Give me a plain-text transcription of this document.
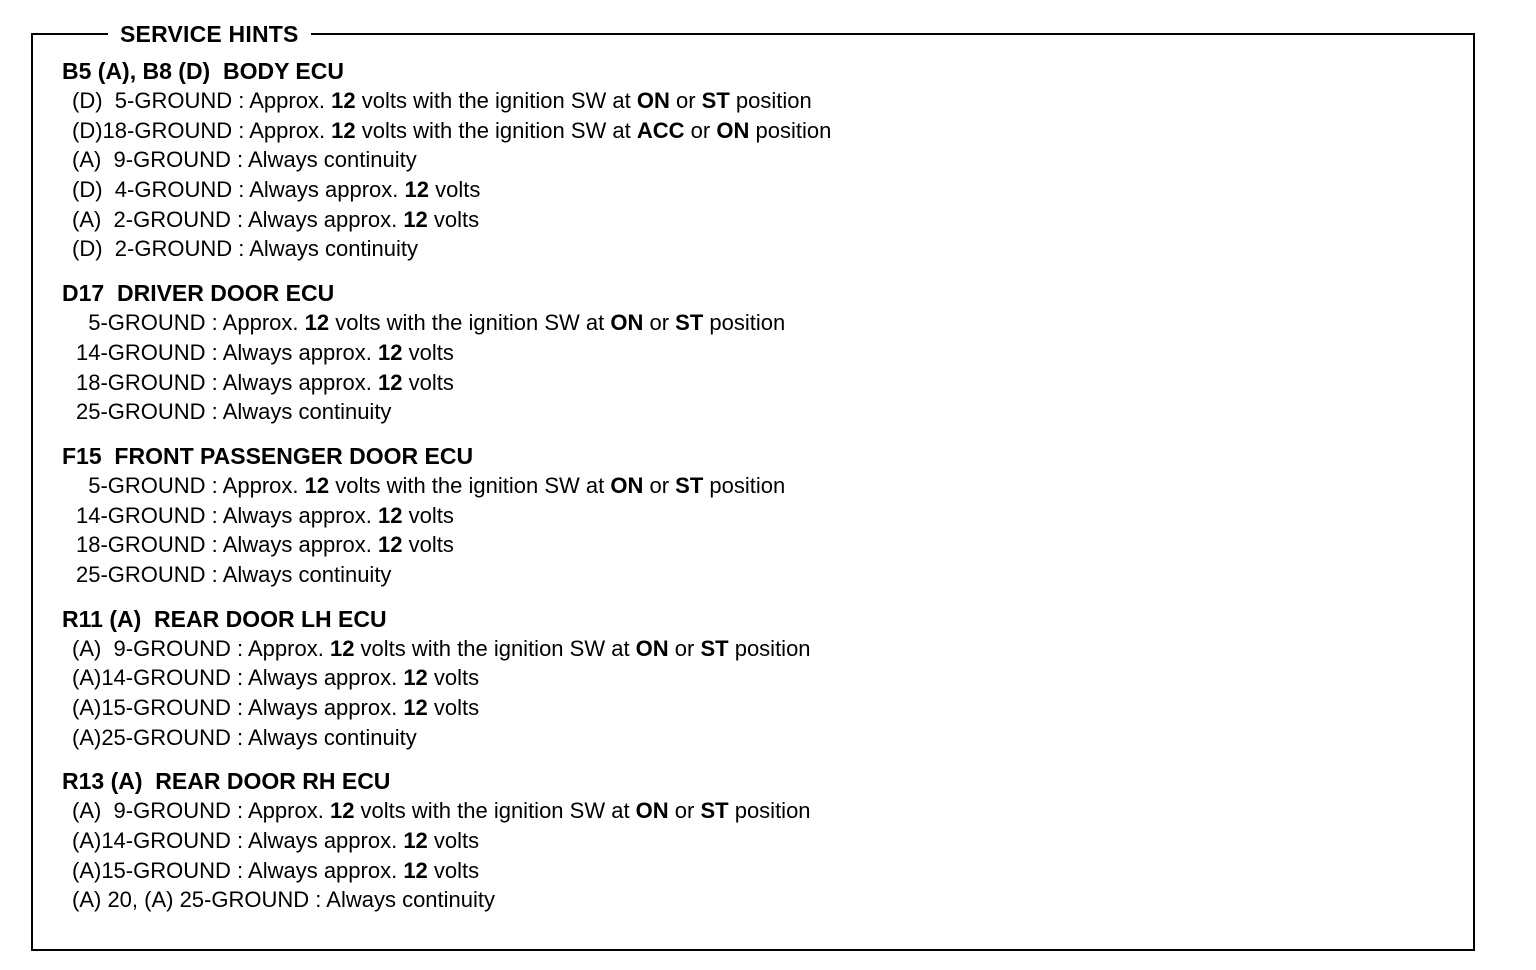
SERVICE HINTS
B5 (A), B8 (D)  BODY ECU
(D)  5-GROUND : Approx. 12 volts with the ignition SW at ON or ST position
(D)18-GROUND : Approx. 12 volts with the ignition SW at ACC or ON position
(A)  9-GROUND : Always continuity
(D)  4-GROUND : Always approx. 12 volts
(A)  2-GROUND : Always approx. 12 volts
(D)  2-GROUND : Always continuity
D17  DRIVER DOOR ECU
5-GROUND : Approx. 12 volts with the ignition SW at ON or ST position
14-GROUND : Always approx. 12 volts
18-GROUND : Always approx. 12 volts
25-GROUND : Always continuity
F15  FRONT PASSENGER DOOR ECU
5-GROUND : Approx. 12 volts with the ignition SW at ON or ST position
14-GROUND : Always approx. 12 volts
18-GROUND : Always approx. 12 volts
25-GROUND : Always continuity
R11 (A)  REAR DOOR LH ECU
(A)  9-GROUND : Approx. 12 volts with the ignition SW at ON or ST position
(A)14-GROUND : Always approx. 12 volts
(A)15-GROUND : Always approx. 12 volts
(A)25-GROUND : Always continuity
R13 (A)  REAR DOOR RH ECU
(A)  9-GROUND : Approx. 12 volts with the ignition SW at ON or ST position
(A)14-GROUND : Always approx. 12 volts
(A)15-GROUND : Always approx. 12 volts
(A) 20, (A) 25-GROUND : Always continuity
